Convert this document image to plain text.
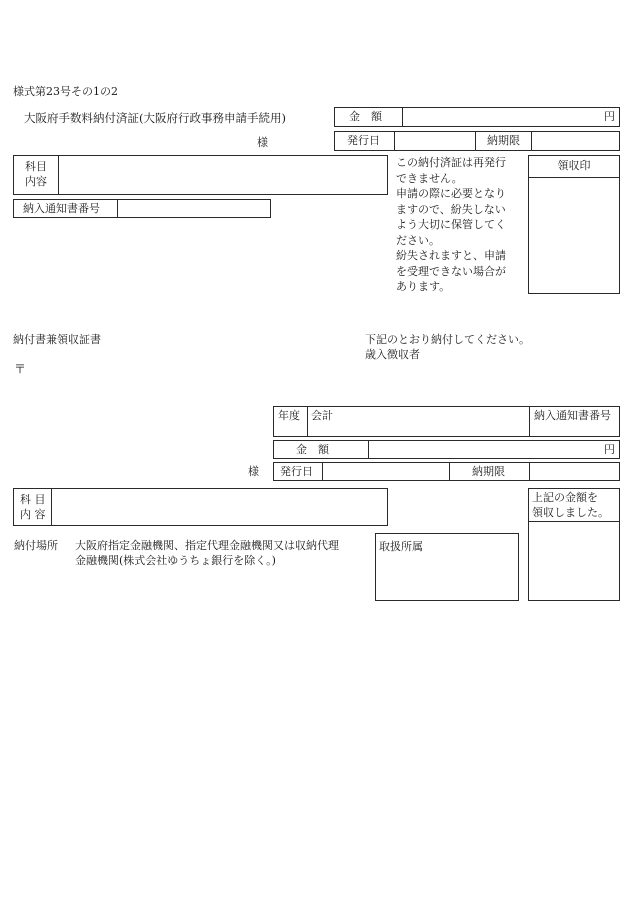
様式第23号その1の2
大阪府手数料納付済証(大阪府行政事務申請手続用)
様
金　額	円
発行日	納期限
科目
内容
納入通知書番号

この納付済証は再発行

できません。

申請の際に必要となり

ますので、紛失しない

よう大切に保管してく

ださい。

紛失されますと、申請

を受理できない場合が

あります。

領収印
納付書兼領収証書	下記のとおり納付してください。
歳入徴収者
〒
年度 会計	納入通知書番号
金　額	円
様 発行日	納期限
科 目
内 容
上記の金額を
領収しました。
納付場所 大阪府指定金融機関、指定代理金融機関又は収納代理
金融機関(株式会社ゆうちょ銀行を除く。)
取扱所属
